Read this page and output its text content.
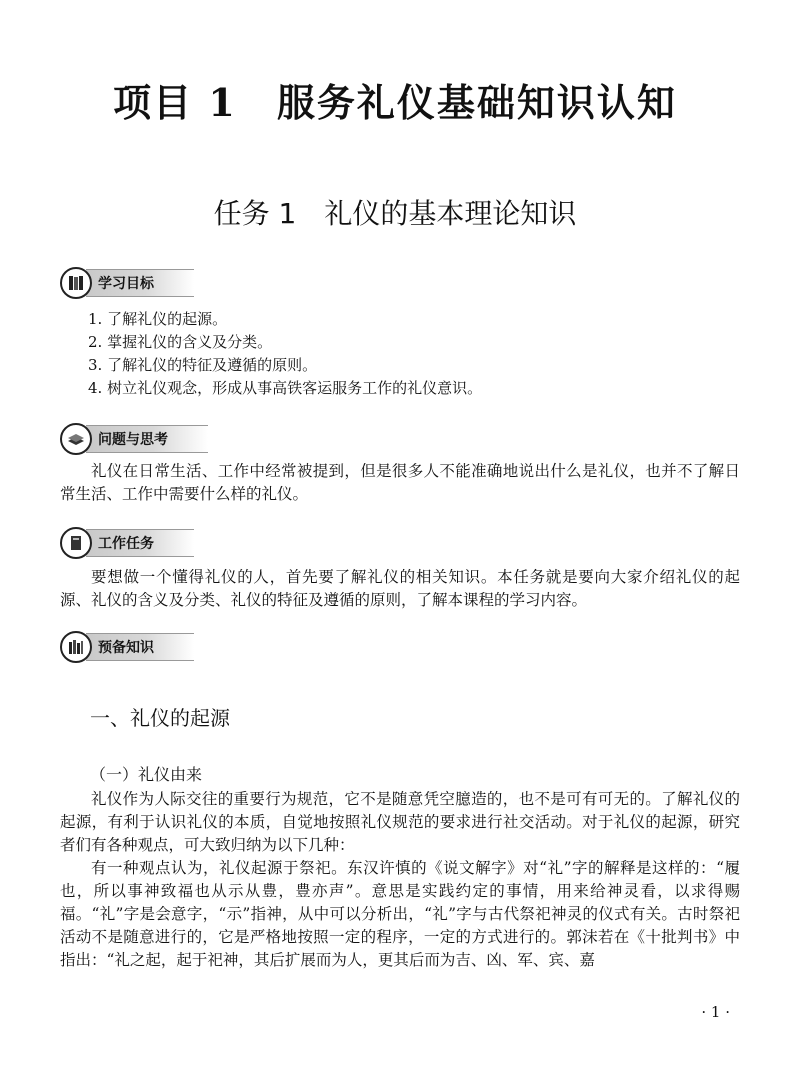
项目 1　服务礼仪基础知识认知
任务 1　礼仪的基本理论知识
学习目标
1. 了解礼仪的起源。
2. 掌握礼仪的含义及分类。
3. 了解礼仪的特征及遵循的原则。
4. 树立礼仪观念，形成从事高铁客运服务工作的礼仪意识。
问题与思考

礼仪在日常生活、工作中经常被提到，但是很多人不能准确地说出什么是礼仪，也并不了解日常生活、工作中需要什么样的礼仪。

工作任务

要想做一个懂得礼仪的人，首先要了解礼仪的相关知识。本任务就是要向大家介绍礼仪的起源、礼仪的含义及分类、礼仪的特征及遵循的原则，了解本课程的学习内容。

预备知识
一、礼仪的起源
（一）礼仪由来

礼仪作为人际交往的重要行为规范，它不是随意凭空臆造的，也不是可有可无的。了解礼仪的起源，有利于认识礼仪的本质，自觉地按照礼仪规范的要求进行社交活动。对于礼仪的起源，研究者们有各种观点，可大致归纳为以下几种：

有一种观点认为，礼仪起源于祭祀。东汉许慎的《说文解字》对“礼”字的解释是这样的：“履也，所以事神致福也从示从豊，豊亦声”。意思是实践约定的事情，用来给神灵看，以求得赐福。“礼”字是会意字，“示”指神，从中可以分析出，“礼”字与古代祭祀神灵的仪式有关。古时祭祀活动不是随意进行的，它是严格地按照一定的程序，一定的方式进行的。郭沫若在《十批判书》中指出：“礼之起，起于祀神，其后扩展而为人，更其后而为吉、凶、军、宾、嘉

· 1 ·
